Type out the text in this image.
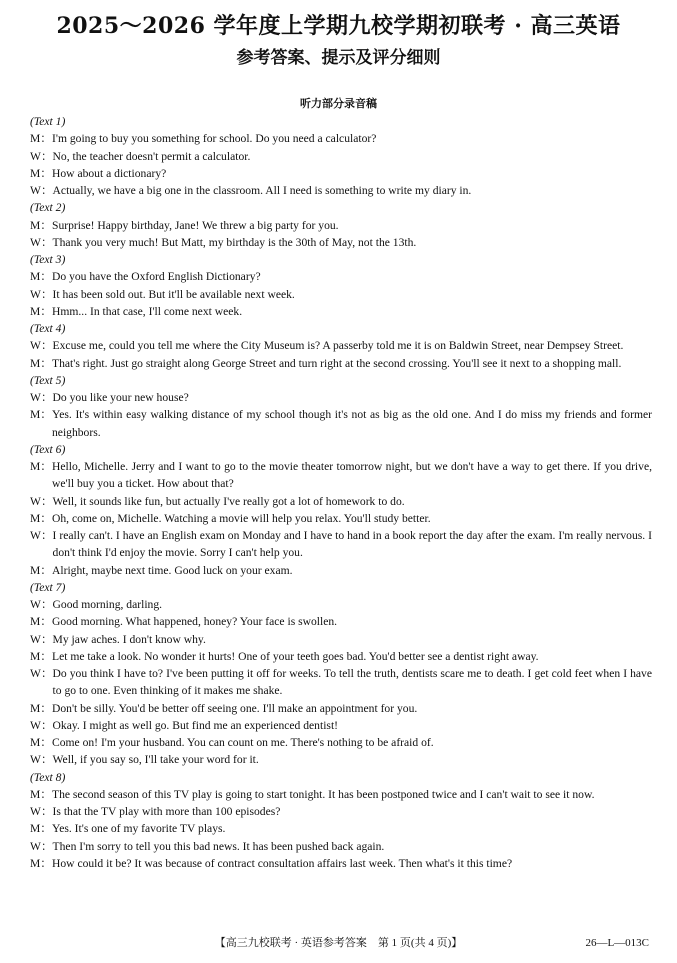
2025～2026 学年度上学期九校学期初联考 · 高三英语
参考答案、提示及评分细则
听力部分录音稿
(Text 1)
M： I'm going to buy you something for school. Do you need a calculator?
W： No, the teacher doesn't permit a calculator.
M： How about a dictionary?
W： Actually, we have a big one in the classroom. All I need is something to write my diary in.
(Text 2)
M： Surprise! Happy birthday, Jane! We threw a big party for you.
W： Thank you very much! But Matt, my birthday is the 30th of May, not the 13th.
(Text 3)
M： Do you have the Oxford English Dictionary?
W： It has been sold out. But it'll be available next week.
M： Hmm... In that case, I'll come next week.
(Text 4)
W： Excuse me, could you tell me where the City Museum is? A passerby told me it is on Baldwin Street, near Dempsey Street.
M： That's right. Just go straight along George Street and turn right at the second crossing. You'll see it next to a shopping mall.
(Text 5)
W： Do you like your new house?
M： Yes. It's within easy walking distance of my school though it's not as big as the old one. And I do miss my friends and former neighbors.
(Text 6)
M： Hello, Michelle. Jerry and I want to go to the movie theater tomorrow night, but we don't have a way to get there. If you drive, we'll buy you a ticket. How about that?
W： Well, it sounds like fun, but actually I've really got a lot of homework to do.
M： Oh, come on, Michelle. Watching a movie will help you relax. You'll study better.
W： I really can't. I have an English exam on Monday and I have to hand in a book report the day after the exam. I'm really nervous. I don't think I'd enjoy the movie. Sorry I can't help you.
M： Alright, maybe next time. Good luck on your exam.
(Text 7)
W： Good morning, darling.
M： Good morning. What happened, honey? Your face is swollen.
W： My jaw aches. I don't know why.
M： Let me take a look. No wonder it hurts! One of your teeth goes bad. You'd better see a dentist right away.
W： Do you think I have to? I've been putting it off for weeks. To tell the truth, dentists scare me to death. I get cold feet when I have to go to one. Even thinking of it makes me shake.
M： Don't be silly. You'd be better off seeing one. I'll make an appointment for you.
W： Okay. I might as well go. But find me an experienced dentist!
M： Come on! I'm your husband. You can count on me. There's nothing to be afraid of.
W： Well, if you say so, I'll take your word for it.
(Text 8)
M： The second season of this TV play is going to start tonight. It has been postponed twice and I can't wait to see it now.
W： Is that the TV play with more than 100 episodes?
M： Yes. It's one of my favorite TV plays.
W： Then I'm sorry to tell you this bad news. It has been pushed back again.
M： How could it be? It was because of contract consultation affairs last week. Then what's it this time?
【高三九校联考 · 英语参考答案　第 1 页(共 4 页)】	26—L—013C
